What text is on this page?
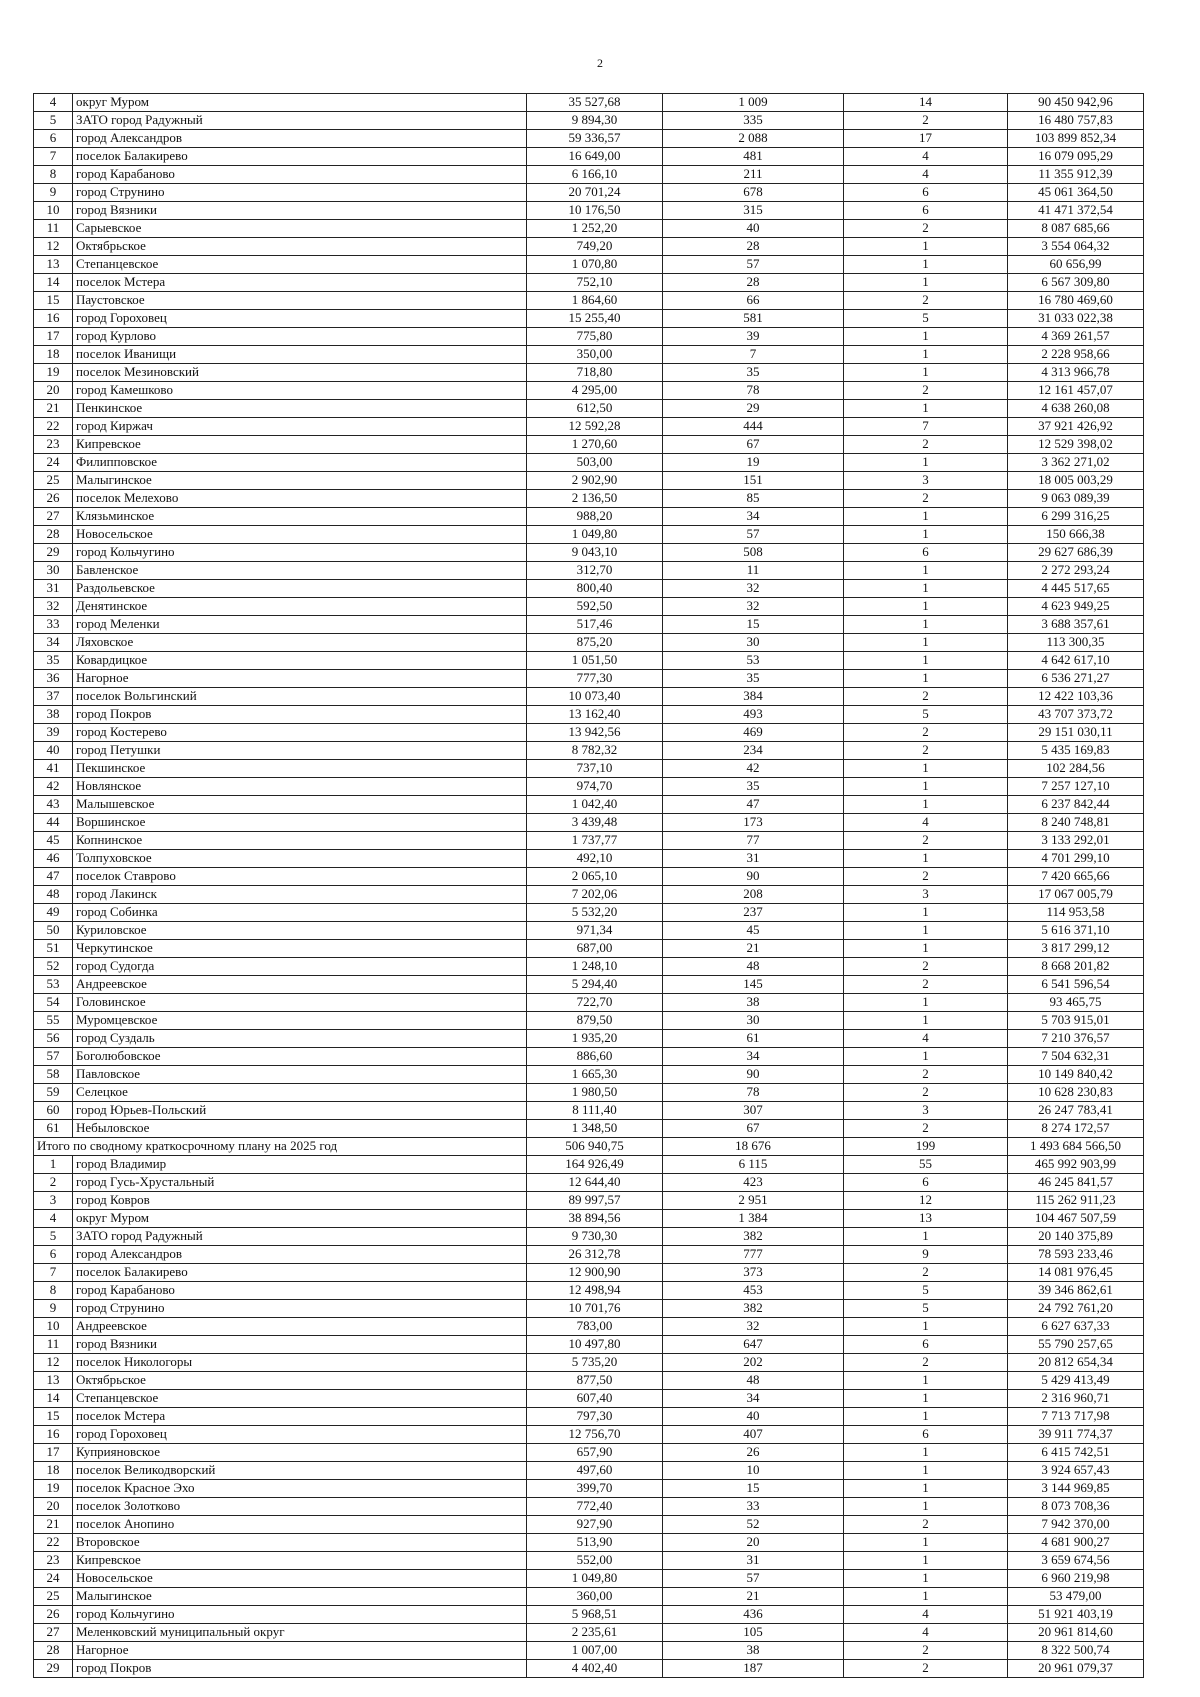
2
4	округ Муром	35 527,68	1 009	14	90 450 942,96
5	ЗАТО город Радужный	9 894,30	335	2	16 480 757,83
6	город Александров	59 336,57	2 088	17	103 899 852,34
7	поселок Балакирево	16 649,00	481	4	16 079 095,29
8	город Карабаново	6 166,10	211	4	11 355 912,39
9	город Струнино	20 701,24	678	6	45 061 364,50
10	город Вязники	10 176,50	315	6	41 471 372,54
11	Сарыевское	1 252,20	40	2	8 087 685,66
12	Октябрьское	749,20	28	1	3 554 064,32
13	Степанцевское	1 070,80	57	1	60 656,99
14	поселок Мстера	752,10	28	1	6 567 309,80
15	Паустовское	1 864,60	66	2	16 780 469,60
16	город Гороховец	15 255,40	581	5	31 033 022,38
17	город Курлово	775,80	39	1	4 369 261,57
18	поселок Иванищи	350,00	7	1	2 228 958,66
19	поселок Мезиновский	718,80	35	1	4 313 966,78
20	город Камешково	4 295,00	78	2	12 161 457,07
21	Пенкинское	612,50	29	1	4 638 260,08
22	город Киржач	12 592,28	444	7	37 921 426,92
23	Кипревское	1 270,60	67	2	12 529 398,02
24	Филипповское	503,00	19	1	3 362 271,02
25	Малыгинское	2 902,90	151	3	18 005 003,29
26	поселок Мелехово	2 136,50	85	2	9 063 089,39
27	Клязьминское	988,20	34	1	6 299 316,25
28	Новосельское	1 049,80	57	1	150 666,38
29	город Кольчугино	9 043,10	508	6	29 627 686,39
30	Бавленское	312,70	11	1	2 272 293,24
31	Раздольевское	800,40	32	1	4 445 517,65
32	Денятинское	592,50	32	1	4 623 949,25
33	город Меленки	517,46	15	1	3 688 357,61
34	Ляховское	875,20	30	1	113 300,35
35	Ковардицкое	1 051,50	53	1	4 642 617,10
36	Нагорное	777,30	35	1	6 536 271,27
37	поселок Вольгинский	10 073,40	384	2	12 422 103,36
38	город Покров	13 162,40	493	5	43 707 373,72
39	город Костерево	13 942,56	469	2	29 151 030,11
40	город Петушки	8 782,32	234	2	5 435 169,83
41	Пекшинское	737,10	42	1	102 284,56
42	Новлянское	974,70	35	1	7 257 127,10
43	Малышевское	1 042,40	47	1	6 237 842,44
44	Воршинское	3 439,48	173	4	8 240 748,81
45	Копнинское	1 737,77	77	2	3 133 292,01
46	Толпуховское	492,10	31	1	4 701 299,10
47	поселок Ставрово	2 065,10	90	2	7 420 665,66
48	город Лакинск	7 202,06	208	3	17 067 005,79
49	город Собинка	5 532,20	237	1	114 953,58
50	Куриловское	971,34	45	1	5 616 371,10
51	Черкутинское	687,00	21	1	3 817 299,12
52	город Судогда	1 248,10	48	2	8 668 201,82
53	Андреевское	5 294,40	145	2	6 541 596,54
54	Головинское	722,70	38	1	93 465,75
55	Муромцевское	879,50	30	1	5 703 915,01
56	город Суздаль	1 935,20	61	4	7 210 376,57
57	Боголюбовское	886,60	34	1	7 504 632,31
58	Павловское	1 665,30	90	2	10 149 840,42
59	Селецкое	1 980,50	78	2	10 628 230,83
60	город Юрьев-Польский	8 111,40	307	3	26 247 783,41
61	Небыловское	1 348,50	67	2	8 274 172,57
Итого по сводному краткосрочному плану на 2025 год		506 940,75	18 676	199	1 493 684 566,50
1	город Владимир	164 926,49	6 115	55	465 992 903,99
2	город Гусь-Хрустальный	12 644,40	423	6	46 245 841,57
3	город Ковров	89 997,57	2 951	12	115 262 911,23
4	округ Муром	38 894,56	1 384	13	104 467 507,59
5	ЗАТО город Радужный	9 730,30	382	1	20 140 375,89
6	город Александров	26 312,78	777	9	78 593 233,46
7	поселок Балакирево	12 900,90	373	2	14 081 976,45
8	город Карабаново	12 498,94	453	5	39 346 862,61
9	город Струнино	10 701,76	382	5	24 792 761,20
10	Андреевское	783,00	32	1	6 627 637,33
11	город Вязники	10 497,80	647	6	55 790 257,65
12	поселок Никологоры	5 735,20	202	2	20 812 654,34
13	Октябрьское	877,50	48	1	5 429 413,49
14	Степанцевское	607,40	34	1	2 316 960,71
15	поселок Мстера	797,30	40	1	7 713 717,98
16	город Гороховец	12 756,70	407	6	39 911 774,37
17	Куприяновское	657,90	26	1	6 415 742,51
18	поселок Великодворский	497,60	10	1	3 924 657,43
19	поселок Красное Эхо	399,70	15	1	3 144 969,85
20	поселок Золотково	772,40	33	1	8 073 708,36
21	поселок Анопино	927,90	52	2	7 942 370,00
22	Второвское	513,90	20	1	4 681 900,27
23	Кипревское	552,00	31	1	3 659 674,56
24	Новосельское	1 049,80	57	1	6 960 219,98
25	Малыгинское	360,00	21	1	53 479,00
26	город Кольчугино	5 968,51	436	4	51 921 403,19
27	Меленковский муниципальный округ	2 235,61	105	4	20 961 814,60
28	Нагорное	1 007,00	38	2	8 322 500,74
29	город Покров	4 402,40	187	2	20 961 079,37
